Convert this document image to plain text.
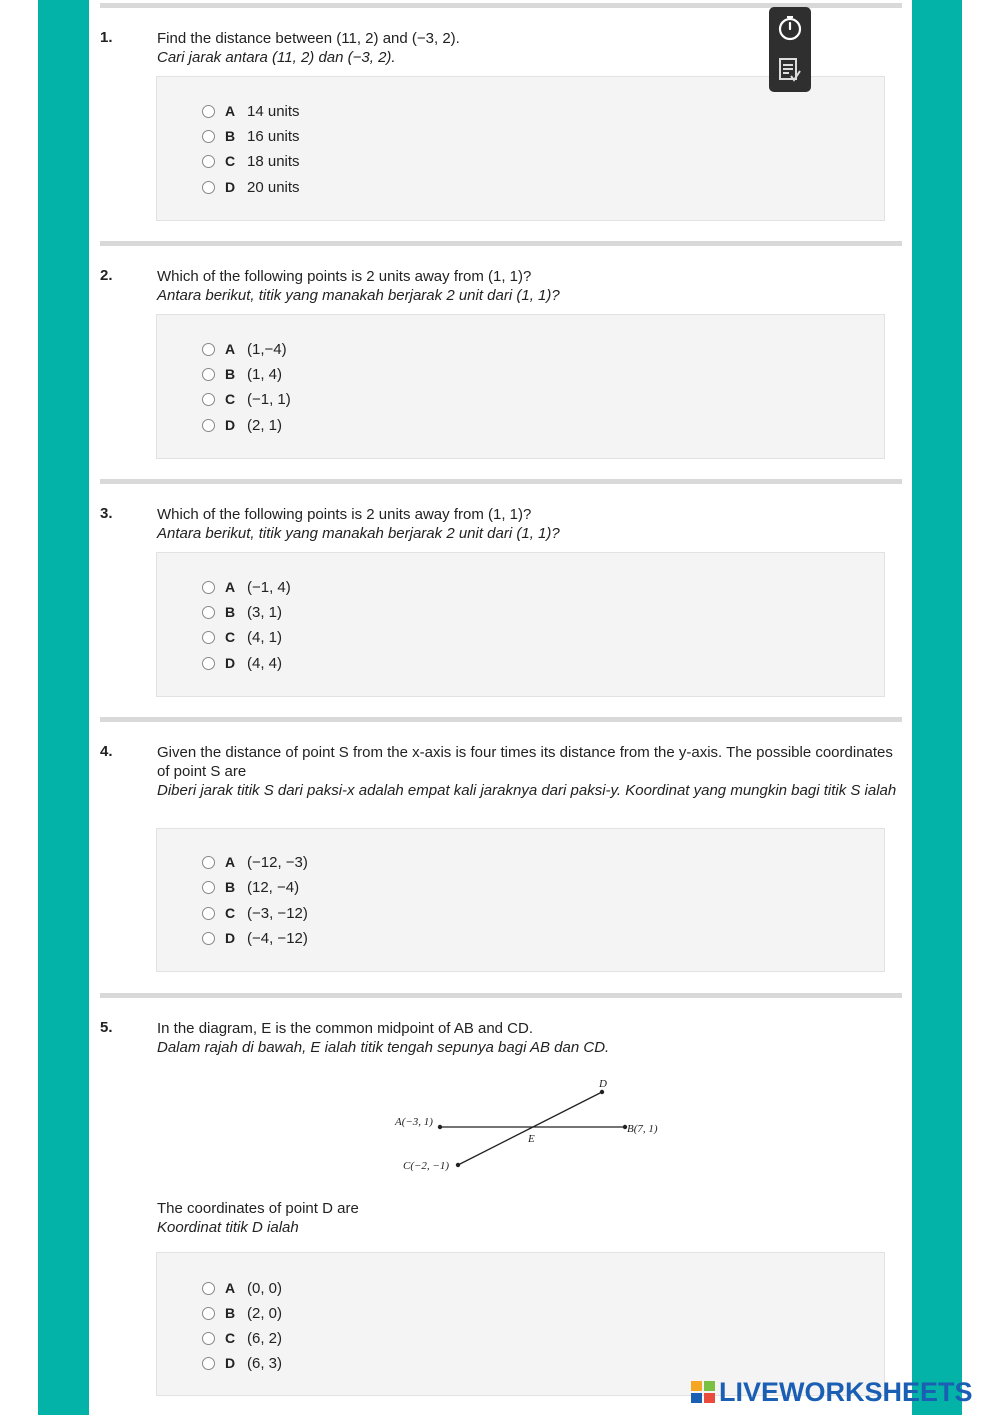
1.	Find the distance between (11, 2) and (−3, 2).
Cari jarak antara (11, 2) dan (−3, 2).
A 14 units
B 16 units
C 18 units
D 20 units
2.	Which of the following points is 2 units away from (1, 1)?
Antara berikut, titik yang manakah berjarak 2 unit dari (1, 1)?
A (1,−4)
B (1, 4)
C (−1, 1)
D (2, 1)
3.	Which of the following points is 2 units away from (1, 1)?
Antara berikut, titik yang manakah berjarak 2 unit dari (1, 1)?
A (−1, 4)
B (3, 1)
C (4, 1)
D (4, 4)
4.	Given the distance of point S from the x-axis is four times its distance from the y-axis. The possible coordinates of point S are
Diberi jarak titik S dari paksi-x adalah empat kali jaraknya dari paksi-y. Koordinat yang mungkin bagi titik S ialah
A (−12, −3)
B (12, −4)
C (−3, −12)
D (−4, −12)
5.	In the diagram, E is the common midpoint of AB and CD.
Dalam rajah di bawah, E ialah titik tengah sepunya bagi AB dan CD.
A(−3, 1)
B(7, 1)
C(−2, −1)
D
E
The coordinates of point D are
Koordinat titik D ialah
A (0, 0)
B (2, 0)
C (6, 2)
D (6, 3)
LIVEWORKSHEETS
